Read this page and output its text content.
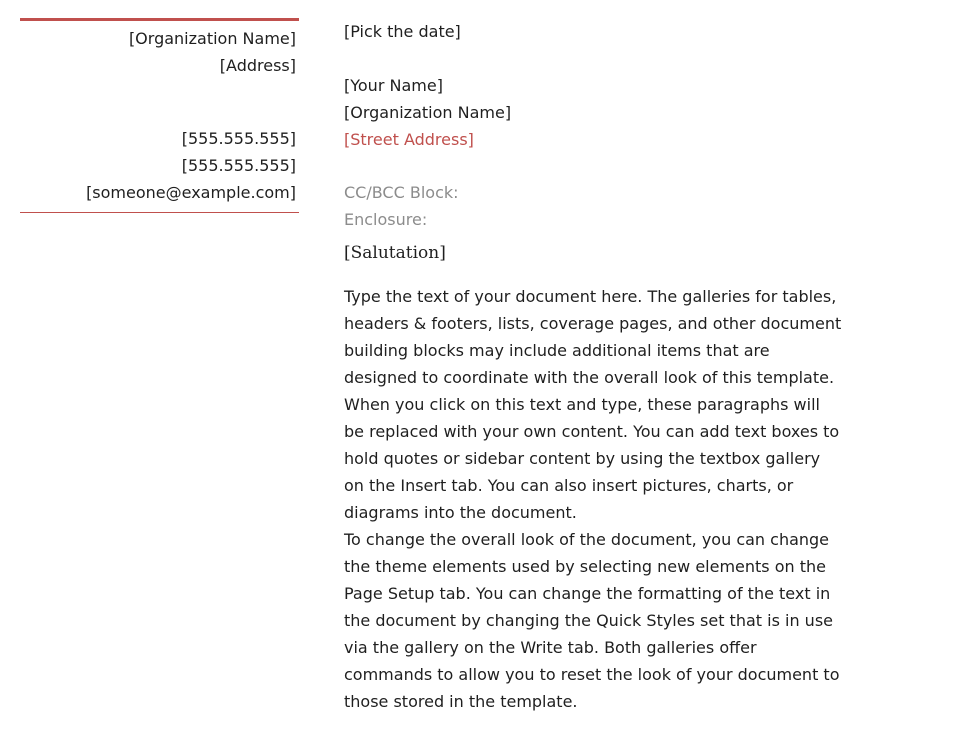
[Organization Name]
[Address]
[555.555.555]
[555.555.555]
[someone@example.com]
[Pick the date]
[Your Name]
[Organization Name]
[Street Address]
CC/BCC Block:
Enclosure:
[Salutation]

Type the text of your document here. The galleries for tables, headers & footers, lists, coverage pages, and other document building blocks may include additional items that are designed to coordinate with the overall look of this template.

When you click on this text and type, these paragraphs will be replaced with your own content. You can add text boxes to hold quotes or sidebar content by using the textbox gallery on the Insert tab. You can also insert pictures, charts, or diagrams into the document.

To change the overall look of the document, you can change the theme elements used by selecting new elements on the Page Setup tab. You can change the formatting of the text in the document by changing the Quick Styles set that is in use via the gallery on the Write tab. Both galleries offer commands to allow you to reset the look of your document to those stored in the template.
